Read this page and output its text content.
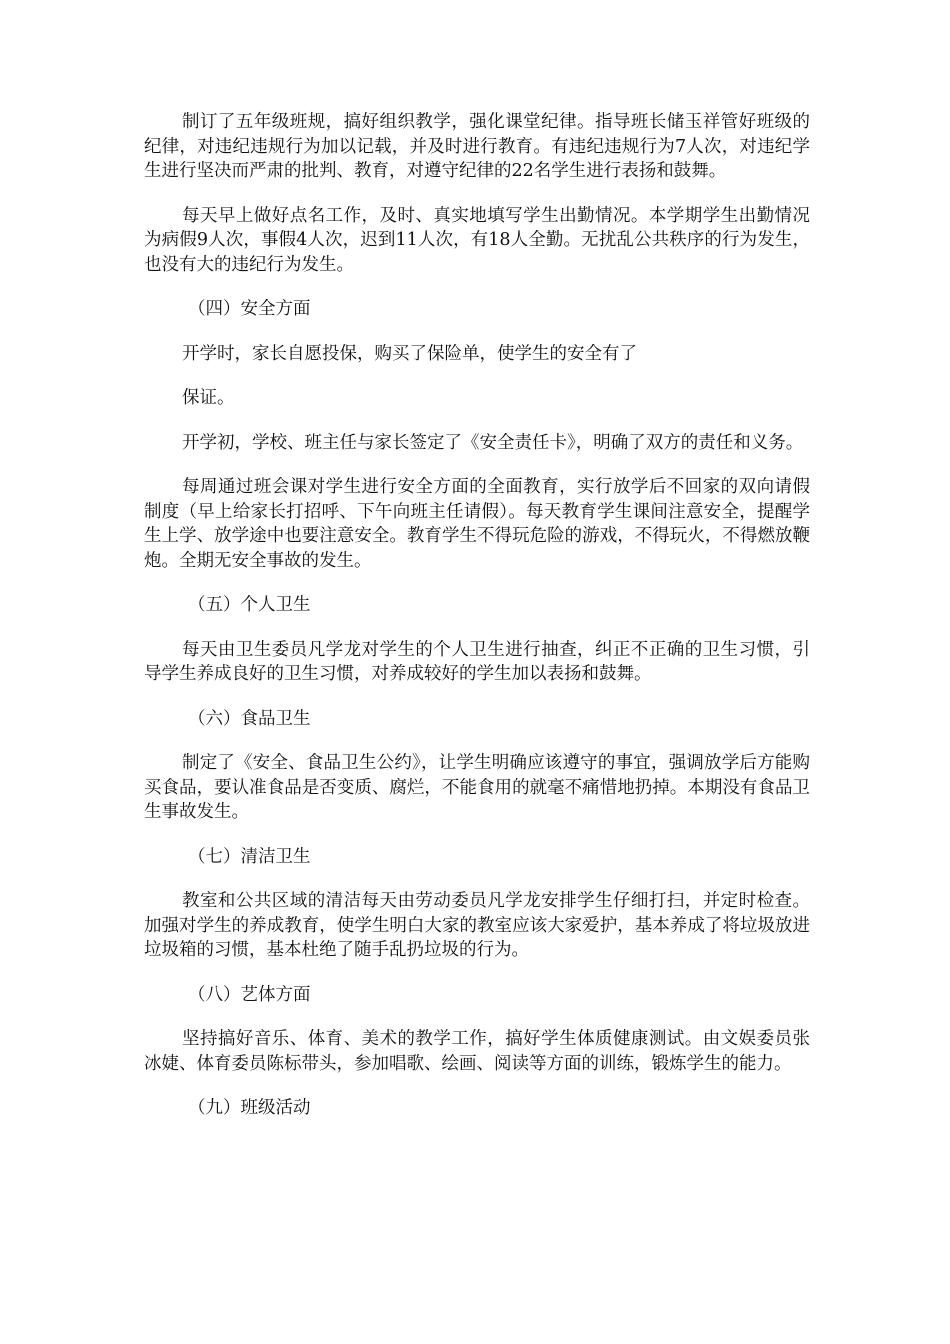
制订了五年级班规，搞好组织教学，强化课堂纪律。指导班长储玉祥管好班级的纪律，对违纪违规行为加以记载，并及时进行教育。有违纪违规行为7人次，对违纪学生进行坚决而严肃的批判、教育，对遵守纪律的22名学生进行表扬和鼓舞。

每天早上做好点名工作，及时、真实地填写学生出勤情况。本学期学生出勤情况为病假9人次，事假4人次，迟到11人次，有18人全勤。无扰乱公共秩序的行为发生，也没有大的违纪行为发生。

（四）安全方面

开学时，家长自愿投保，购买了保险单，使学生的安全有了

保证。

开学初，学校、班主任与家长签定了《安全责任卡》，明确了双方的责任和义务。

每周通过班会课对学生进行安全方面的全面教育，实行放学后不回家的双向请假制度（早上给家长打招呼、下午向班主任请假）。每天教育学生课间注意安全，提醒学生上学、放学途中也要注意安全。教育学生不得玩危险的游戏，不得玩火，不得燃放鞭炮。全期无安全事故的发生。

（五）个人卫生

每天由卫生委员凡学龙对学生的个人卫生进行抽查，纠正不正确的卫生习惯，引导学生养成良好的卫生习惯，对养成较好的学生加以表扬和鼓舞。

（六）食品卫生

制定了《安全、食品卫生公约》，让学生明确应该遵守的事宜，强调放学后方能购买食品，要认准食品是否变质、腐烂，不能食用的就毫不痛惜地扔掉。本期没有食品卫生事故发生。

（七）清洁卫生

教室和公共区域的清洁每天由劳动委员凡学龙安排学生仔细打扫，并定时检查。加强对学生的养成教育，使学生明白大家的教室应该大家爱护，基本养成了将垃圾放进垃圾箱的习惯，基本杜绝了随手乱扔垃圾的行为。

（八）艺体方面

坚持搞好音乐、体育、美术的教学工作，搞好学生体质健康测试。由文娱委员张冰婕、体育委员陈标带头，参加唱歌、绘画、阅读等方面的训练，锻炼学生的能力。

（九）班级活动
